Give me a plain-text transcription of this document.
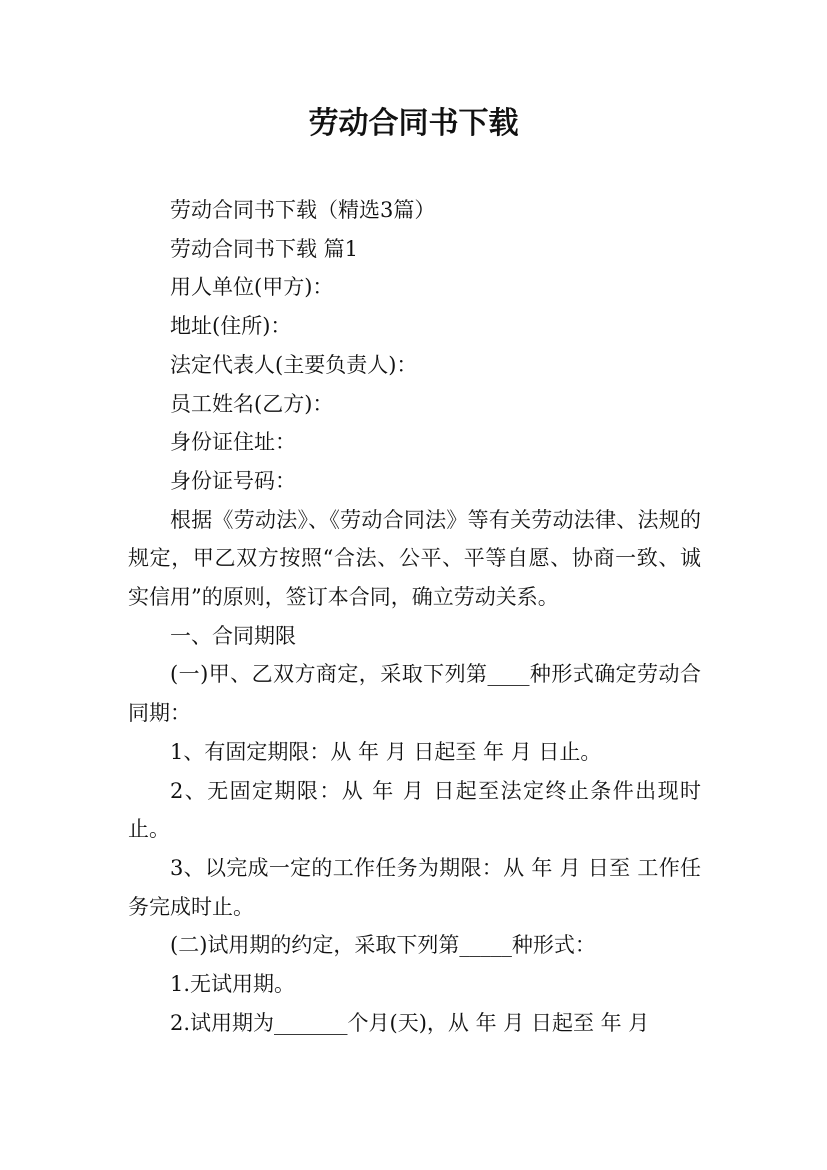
劳动合同书下载

劳动合同书下载（精选3篇）

劳动合同书下载 篇1

用人单位(甲方)：

地址(住所)：

法定代表人(主要负责人)：

员工姓名(乙方)：

身份证住址：

身份证号码：

根据《劳动法》、《劳动合同法》等有关劳动法律、法规的规定，甲乙双方按照“合法、公平、平等自愿、协商一致、诚实信用”的原则，签订本合同，确立劳动关系。

一、合同期限

(一)甲、乙双方商定，采取下列第____种形式确定劳动合同期：

1、有固定期限：从 年 月 日起至 年 月 日止。

2、无固定期限：从 年 月 日起至法定终止条件出现时止。

3、以完成一定的工作任务为期限：从 年 月 日至 工作任务完成时止。

(二)试用期的约定，采取下列第_____种形式：

1.无试用期。

2.试用期为_______个月(天)，从 年 月 日起至 年 月
